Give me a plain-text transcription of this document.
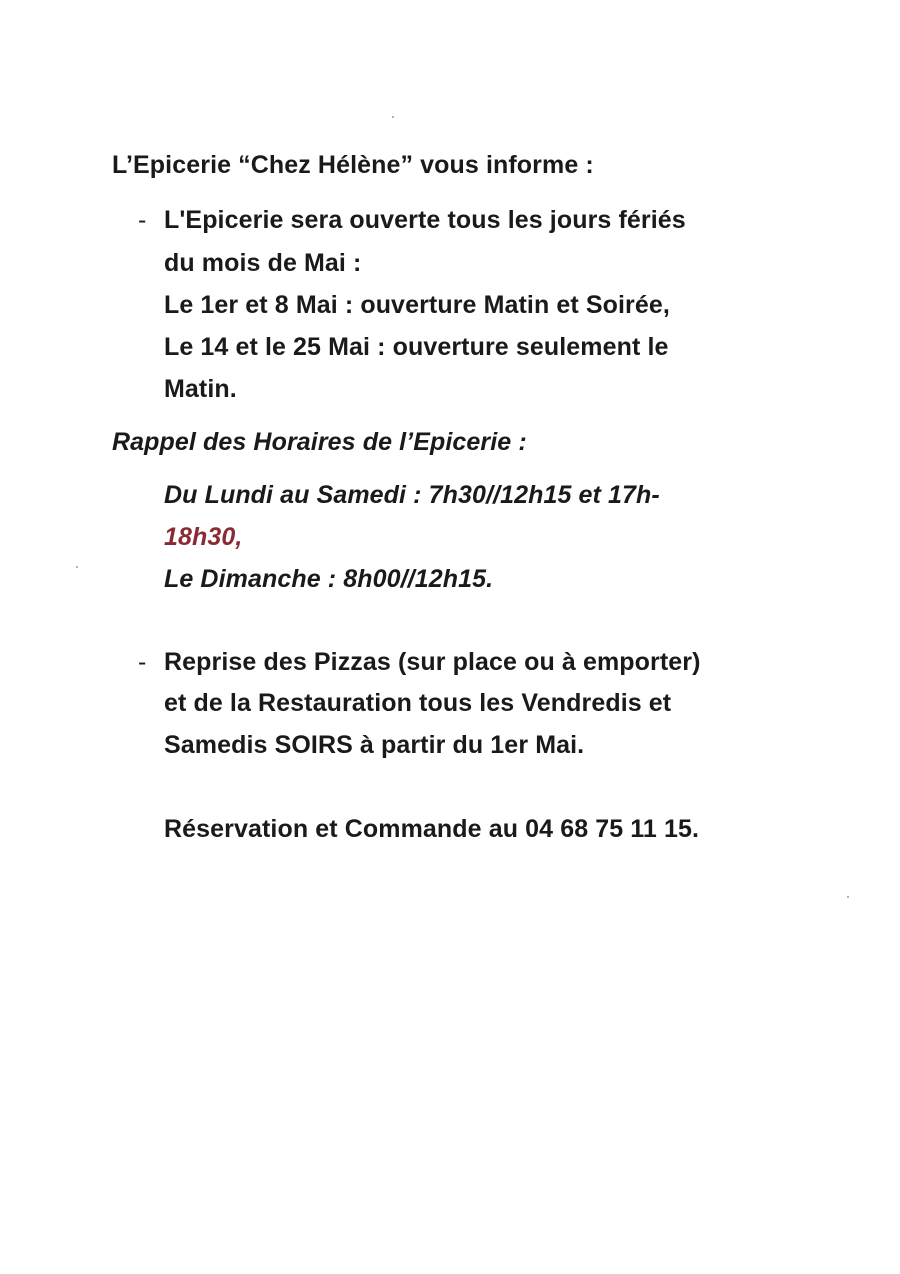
L’Epicerie “Chez Hélène” vous informe :
- L'Epicerie sera ouverte tous les jours fériés
du mois de Mai :
Le 1er et 8 Mai : ouverture Matin et Soirée,
Le 14 et le 25 Mai : ouverture seulement le
Matin.
Rappel des Horaires de l’Epicerie :
Du Lundi au Samedi : 7h30//12h15 et 17h-
18h30,
Le Dimanche : 8h00//12h15.
- Reprise des Pizzas (sur place ou à emporter)
et de la Restauration tous les Vendredis et
Samedis SOIRS à partir du 1er Mai.
Réservation et Commande au 04 68 75 11 15.
